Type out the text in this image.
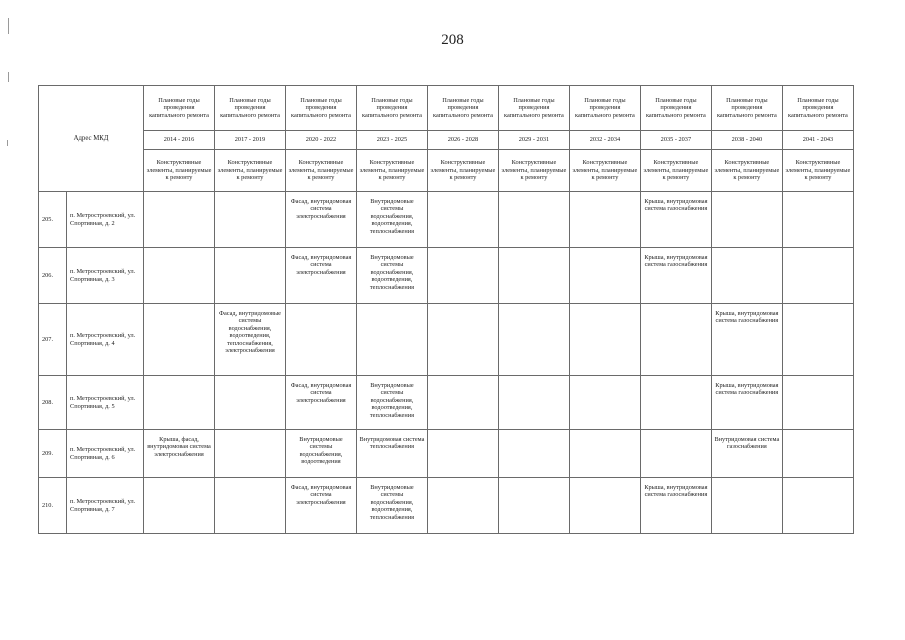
208
Адрес МКД		Плановые годы проведения капитального ремонта	Плановые годы проведения капитального ремонта	Плановые годы проведения капитального ремонта	Плановые годы проведения капитального ремонта	Плановые годы проведения капитального ремонта	Плановые годы проведения капитального ремонта	Плановые годы проведения капитального ремонта	Плановые годы проведения капитального ремонта	Плановые годы проведения капитального ремонта	Плановые годы проведения капитального ремонта
		2014 - 2016	2017 - 2019	2020 - 2022	2023 - 2025	2026 - 2028	2029 - 2031	2032 - 2034	2035 - 2037	2038 - 2040	2041 - 2043
		Конструктивные элементы, планируемые к ремонту	Конструктивные элементы, планируемые к ремонту	Конструктивные элементы, планируемые к ремонту	Конструктивные элементы, планируемые к ремонту	Конструктивные элементы, планируемые к ремонту	Конструктивные элементы, планируемые к ремонту	Конструктивные элементы, планируемые к ремонту	Конструктивные элементы, планируемые к ремонту	Конструктивные элементы, планируемые к ремонту	Конструктивные элементы, планируемые к ремонту
205.	п. Метростроевский, ул. Спортивная, д. 2			Фасад, внутридомовая система электроснабжения	Внутридомовые системы водоснабжения, водоотведения, теплоснабжения				Крыша, внутридомовая система газоснабжения		
206.	п. Метростроевский, ул. Спортивная, д. 3			Фасад, внутридомовая система электроснабжения	Внутридомовые системы водоснабжения, водоотведения, теплоснабжения				Крыша, внутридомовая система газоснабжения		
207.	п. Метростроевский, ул. Спортивная, д. 4		Фасад, внутридомовые системы водоснабжения, водоотведения, теплоснабжения, электроснабжения							Крыша, внутридомовая система газоснабжения	
208.	п. Метростроевский, ул. Спортивная, д. 5			Фасад, внутридомовая система электроснабжения	Внутридомовые системы водоснабжения, водоотведения, теплоснабжения					Крыша, внутридомовая система газоснабжения	
209.	п. Метростроевский, ул. Спортивная, д. 6	Крыша, фасад, внутридомовая система электроснабжения		Внутридомовые системы водоснабжения, водоотведения	Внутридомовая система теплоснабжения					Внутридомовая система газоснабжения	
210.	п. Метростроевский, ул. Спортивная, д. 7			Фасад, внутридомовая система электроснабжения	Внутридомовые системы водоснабжения, водоотведения, теплоснабжения				Крыша, внутридомовая система газоснабжения		
